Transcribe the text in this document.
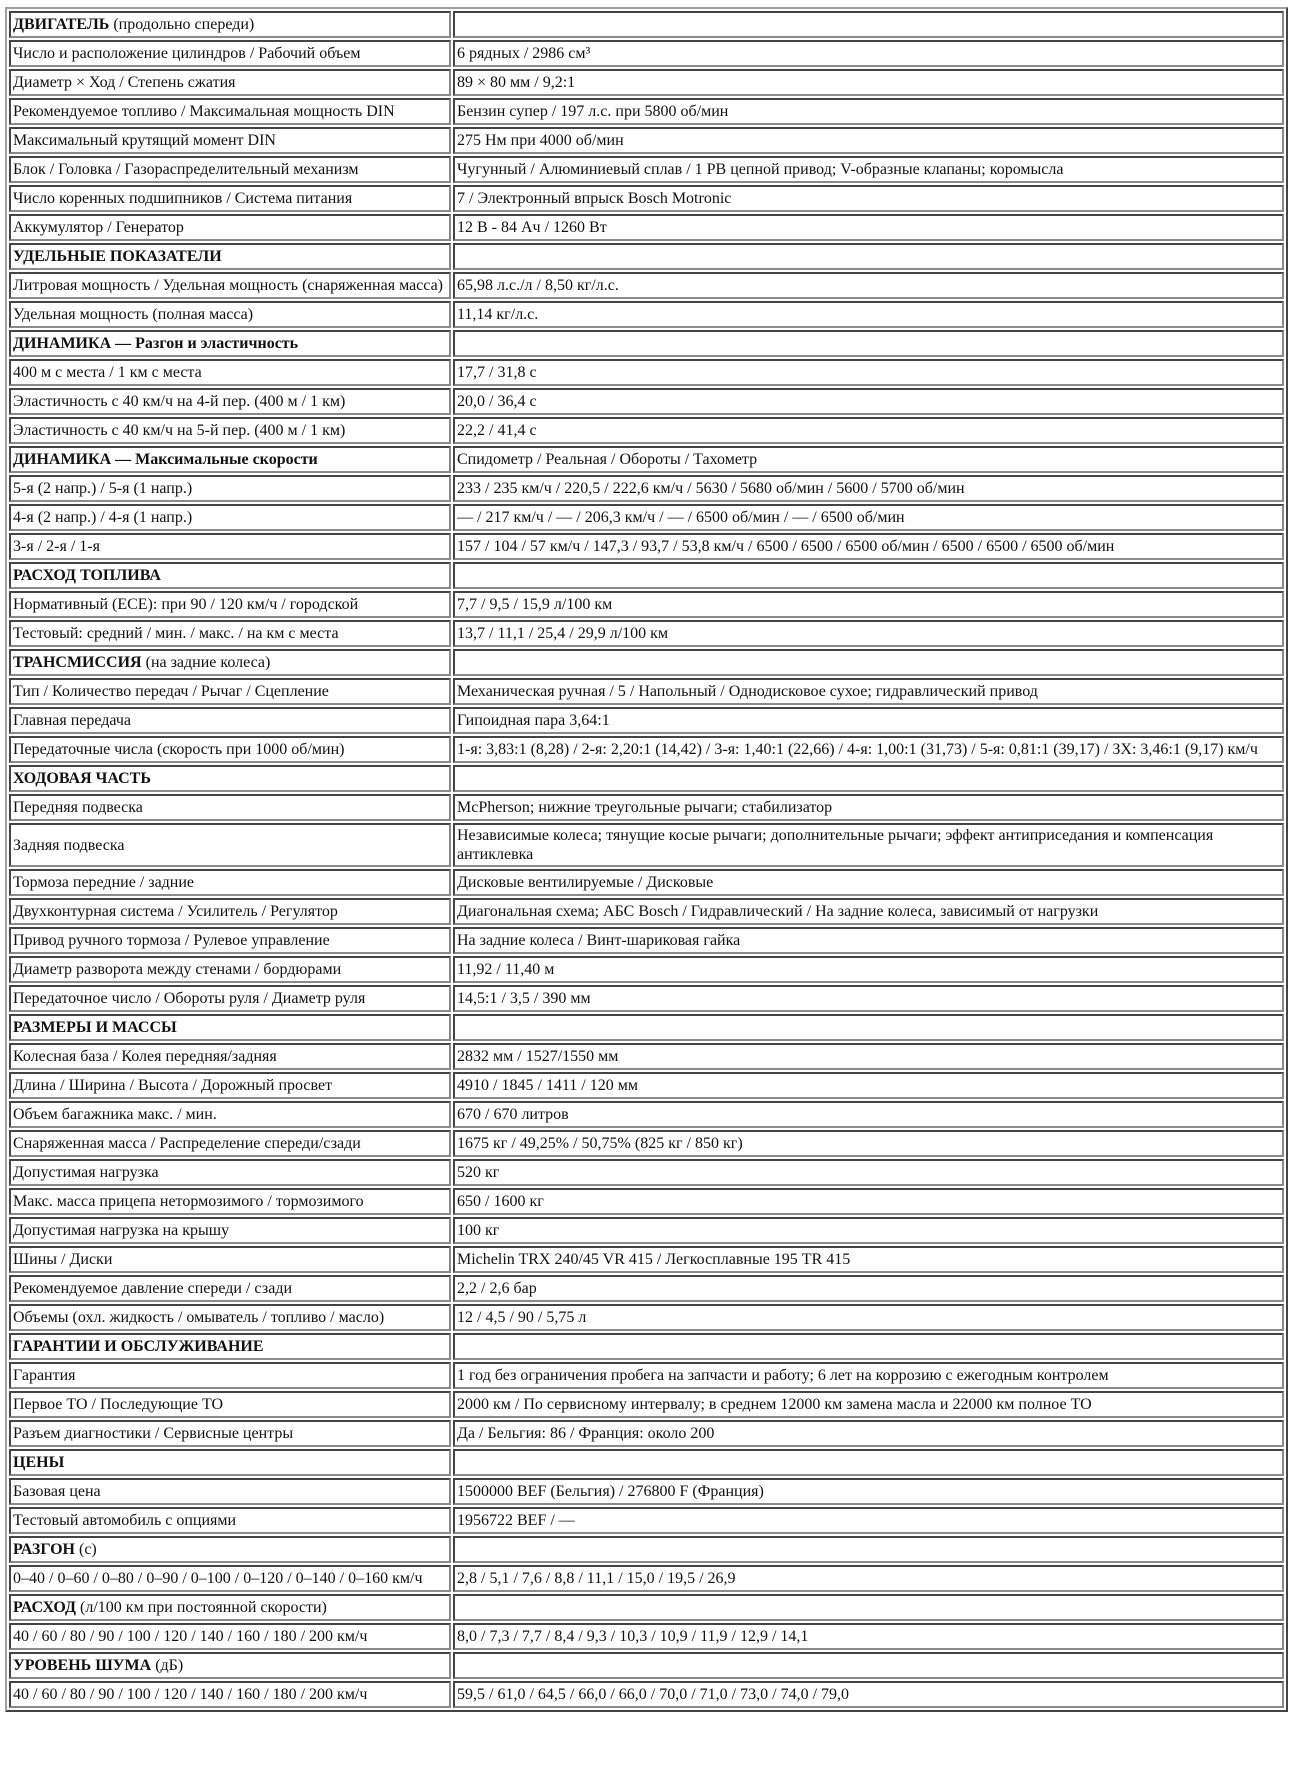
ДВИГАТЕЛЬ (продольно спереди)	
Число и расположение цилиндров / Рабочий объем	6 рядных / 2986 см³
Диаметр × Ход / Степень сжатия	89 × 80 мм / 9,2:1
Рекомендуемое топливо / Максимальная мощность DIN	Бензин супер / 197 л.с. при 5800 об/мин
Максимальный крутящий момент DIN	275 Нм при 4000 об/мин
Блок / Головка / Газораспределительный механизм	Чугунный / Алюминиевый сплав / 1 РВ цепной привод; V-образные клапаны; коромысла
Число коренных подшипников / Система питания	7 / Электронный впрыск Bosch Motronic
Аккумулятор / Генератор	12 В - 84 Ач / 1260 Вт
УДЕЛЬНЫЕ ПОКАЗАТЕЛИ	
Литровая мощность / Удельная мощность (снаряженная масса)	65,98 л.с./л / 8,50 кг/л.с.
Удельная мощность (полная масса)	11,14 кг/л.с.
ДИНАМИКА — Разгон и эластичность	
400 м с места / 1 км с места	17,7 / 31,8 с
Эластичность с 40 км/ч на 4-й пер. (400 м / 1 км)	20,0 / 36,4 с
Эластичность с 40 км/ч на 5-й пер. (400 м / 1 км)	22,2 / 41,4 с
ДИНАМИКА — Максимальные скорости	Спидометр / Реальная / Обороты / Тахометр
5-я (2 напр.) / 5-я (1 напр.)	233 / 235 км/ч / 220,5 / 222,6 км/ч / 5630 / 5680 об/мин / 5600 / 5700 об/мин
4-я (2 напр.) / 4-я (1 напр.)	— / 217 км/ч / — / 206,3 км/ч / — / 6500 об/мин / — / 6500 об/мин
3-я / 2-я / 1-я	157 / 104 / 57 км/ч / 147,3 / 93,7 / 53,8 км/ч / 6500 / 6500 / 6500 об/мин / 6500 / 6500 / 6500 об/мин
РАСХОД ТОПЛИВА	
Нормативный (ECE): при 90 / 120 км/ч / городской	7,7 / 9,5 / 15,9 л/100 км
Тестовый: средний / мин. / макс. / на км с места	13,7 / 11,1 / 25,4 / 29,9 л/100 км
ТРАНСМИССИЯ (на задние колеса)	
Тип / Количество передач / Рычаг / Сцепление	Механическая ручная / 5 / Напольный / Однодисковое сухое; гидравлический привод
Главная передача	Гипоидная пара 3,64:1
Передаточные числа (скорость при 1000 об/мин)	1-я: 3,83:1 (8,28) / 2-я: 2,20:1 (14,42) / 3-я: 1,40:1 (22,66) / 4-я: 1,00:1 (31,73) / 5-я: 0,81:1 (39,17) / ЗХ: 3,46:1 (9,17) км/ч
ХОДОВАЯ ЧАСТЬ	
Передняя подвеска	McPherson; нижние треугольные рычаги; стабилизатор
Задняя подвеска	Независимые колеса; тянущие косые рычаги; дополнительные рычаги; эффект антиприседания и компенсация антиклевка
Тормоза передние / задние	Дисковые вентилируемые / Дисковые
Двухконтурная система / Усилитель / Регулятор	Диагональная схема; АБС Bosch / Гидравлический / На задние колеса, зависимый от нагрузки
Привод ручного тормоза / Рулевое управление	На задние колеса / Винт-шариковая гайка
Диаметр разворота между стенами / бордюрами	11,92 / 11,40 м
Передаточное число / Обороты руля / Диаметр руля	14,5:1 / 3,5 / 390 мм
РАЗМЕРЫ И МАССЫ	
Колесная база / Колея передняя/задняя	2832 мм / 1527/1550 мм
Длина / Ширина / Высота / Дорожный просвет	4910 / 1845 / 1411 / 120 мм
Объем багажника макс. / мин.	670 / 670 литров
Снаряженная масса / Распределение спереди/сзади	1675 кг / 49,25% / 50,75% (825 кг / 850 кг)
Допустимая нагрузка	520 кг
Макс. масса прицепа нетормозимого / тормозимого	650 / 1600 кг
Допустимая нагрузка на крышу	100 кг
Шины / Диски	Michelin TRX 240/45 VR 415 / Легкосплавные 195 TR 415
Рекомендуемое давление спереди / сзади	2,2 / 2,6 бар
Объемы (охл. жидкость / омыватель / топливо / масло)	12 / 4,5 / 90 / 5,75 л
ГАРАНТИИ И ОБСЛУЖИВАНИЕ	
Гарантия	1 год без ограничения пробега на запчасти и работу; 6 лет на коррозию с ежегодным контролем
Первое ТО / Последующие ТО	2000 км / По сервисному интервалу; в среднем 12000 км замена масла и 22000 км полное ТО
Разъем диагностики / Сервисные центры	Да / Бельгия: 86 / Франция: около 200
ЦЕНЫ	
Базовая цена	1500000 BEF (Бельгия) / 276800 F (Франция)
Тестовый автомобиль с опциями	1956722 BEF / —
РАЗГОН (с)	
0–40 / 0–60 / 0–80 / 0–90 / 0–100 / 0–120 / 0–140 / 0–160 км/ч	2,8 / 5,1 / 7,6 / 8,8 / 11,1 / 15,0 / 19,5 / 26,9
РАСХОД (л/100 км при постоянной скорости)	
40 / 60 / 80 / 90 / 100 / 120 / 140 / 160 / 180 / 200 км/ч	8,0 / 7,3 / 7,7 / 8,4 / 9,3 / 10,3 / 10,9 / 11,9 / 12,9 / 14,1
УРОВЕНЬ ШУМА (дБ)	
40 / 60 / 80 / 90 / 100 / 120 / 140 / 160 / 180 / 200 км/ч	59,5 / 61,0 / 64,5 / 66,0 / 66,0 / 70,0 / 71,0 / 73,0 / 74,0 / 79,0
